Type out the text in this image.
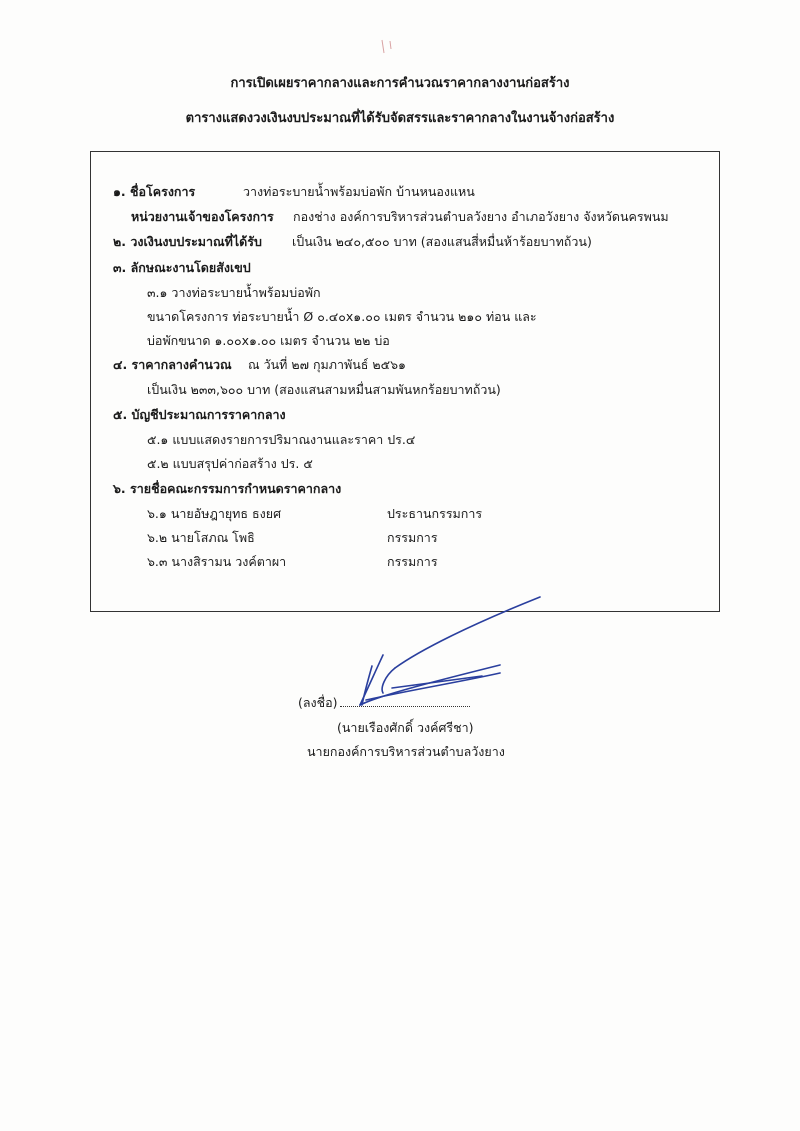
การเปิดเผยราคากลางและการคำนวณราคากลางงานก่อสร้าง
ตารางแสดงวงเงินงบประมาณที่ได้รับจัดสรรและราคากลางในงานจ้างก่อสร้าง
๑. ชื่อโครงการ	วางท่อระบายน้ำพร้อมบ่อพัก บ้านหนองแหน
หน่วยงานเจ้าของโครงการ กองช่าง องค์การบริหารส่วนตำบลวังยาง อำเภอวังยาง จังหวัดนครพนม
๒. วงเงินงบประมาณที่ได้รับ เป็นเงิน ๒๔๐,๕๐๐ บาท (สองแสนสี่หมื่นห้าร้อยบาทถ้วน)
๓. ลักษณะงานโดยสังเขป
๓.๑ วางท่อระบายน้ำพร้อมบ่อพัก
ขนาดโครงการ ท่อระบายน้ำ Ø ๐.๔๐x๑.๐๐ เมตร จำนวน ๒๑๐ ท่อน และ
บ่อพักขนาด ๑.๐๐x๑.๐๐ เมตร จำนวน ๒๒ บ่อ
๔. ราคากลางคำนวณ ณ วันที่ ๒๗ กุมภาพันธ์ ๒๕๖๑
เป็นเงิน ๒๓๓,๖๐๐ บาท (สองแสนสามหมื่นสามพันหกร้อยบาทถ้วน)
๕. บัญชีประมาณการราคากลาง
๕.๑ แบบแสดงรายการปริมาณงานและราคา ปร.๔
๕.๒ แบบสรุปค่าก่อสร้าง ปร. ๕
๖. รายชื่อคณะกรรมการกำหนดราคากลาง
๖.๑ นายอัษฎายุทธ ธงยศ	ประธานกรรมการ
๖.๒ นายโสภณ โพธิ	กรรมการ
๖.๓ นางสิรามน วงค์ตาผา	กรรมการ
(ลงชื่อ)
(นายเรืองศักดิ์ วงค์ศรีชา)
นายกองค์การบริหารส่วนตำบลวังยาง
